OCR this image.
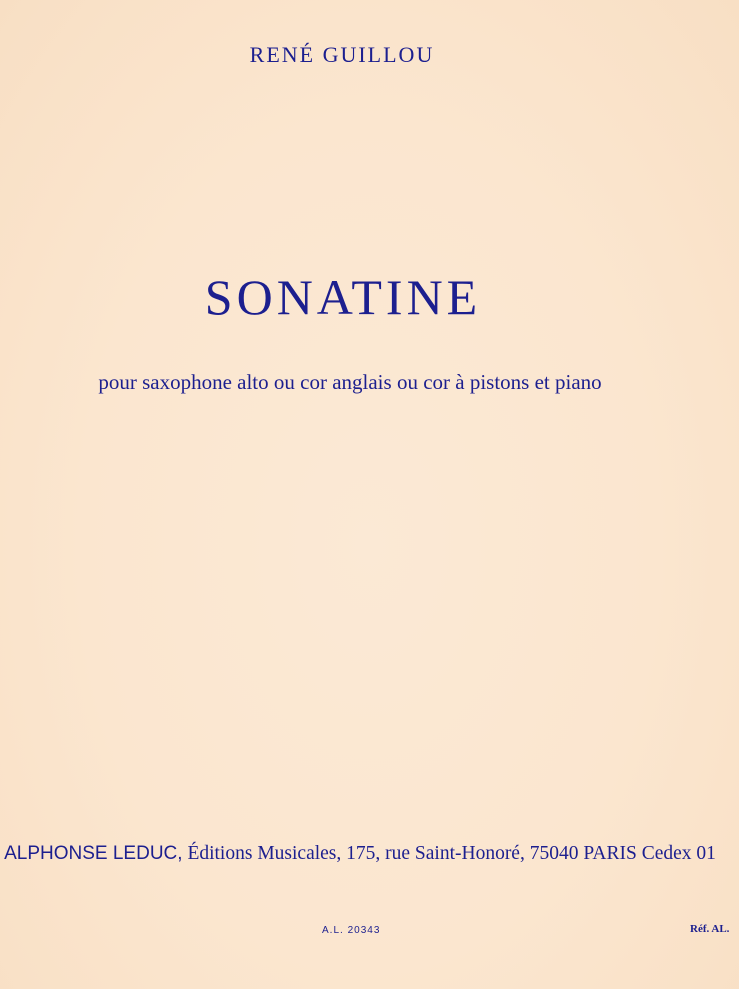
RENÉ GUILLOU
SONATINE
pour saxophone alto ou cor anglais ou cor à pistons et piano
ALPHONSE LEDUC, Éditions Musicales, 175, rue Saint-Honoré, 75040 PARIS Cedex 01
A.L. 20343	Réf. AL.
